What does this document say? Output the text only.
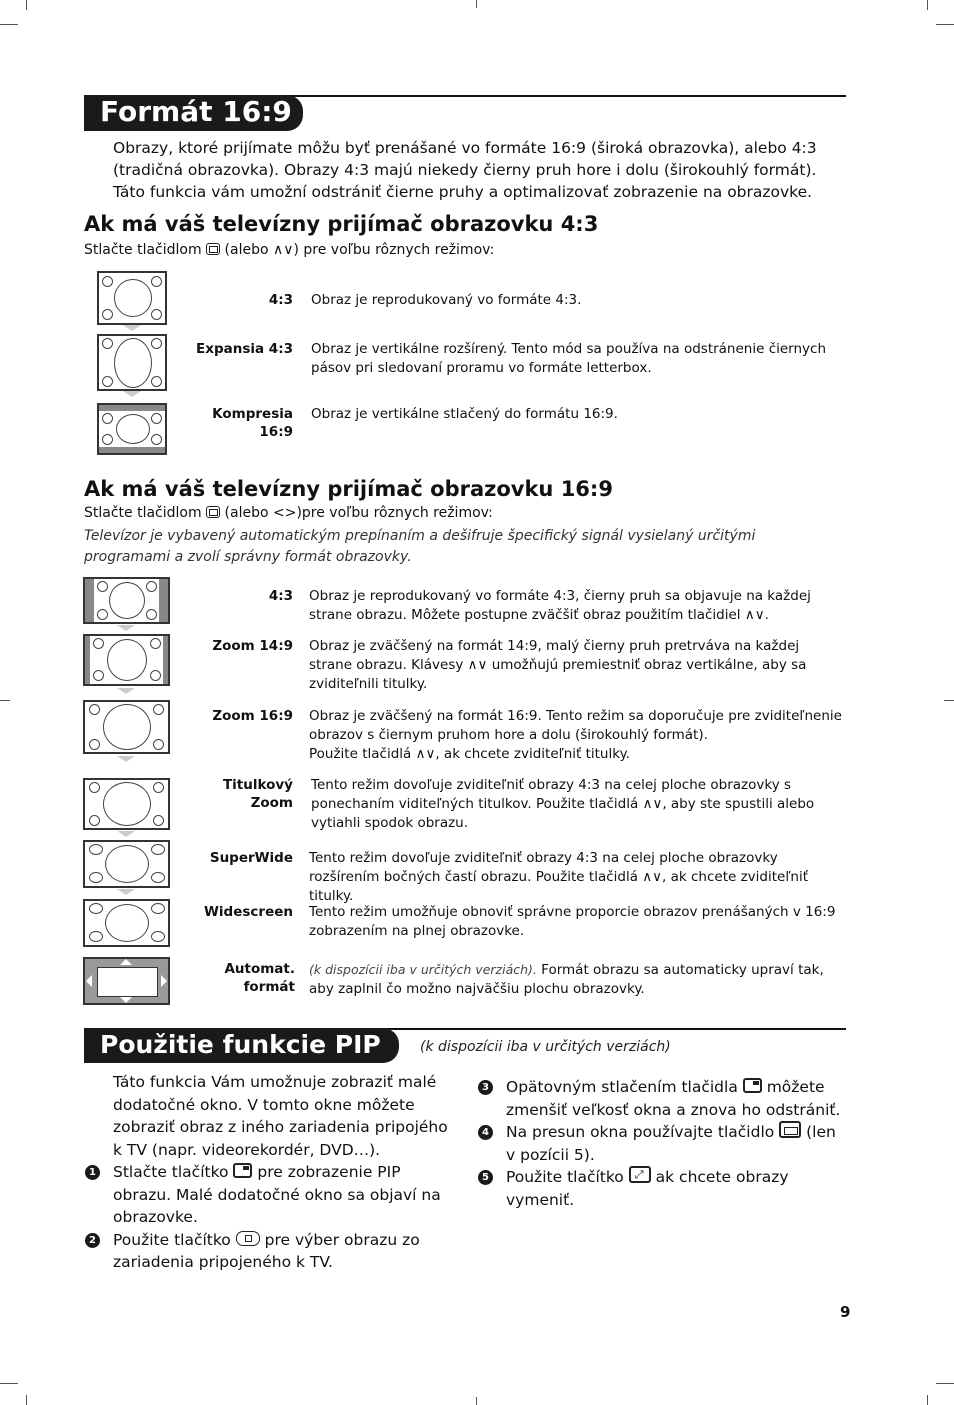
Formát 16:9
Obrazy, ktoré prijímate môžu byť prenášané vo formáte 16:9 (široká obrazovka), alebo 4:3 (tradičná obrazovka). Obrazy 4:3 majú niekedy čierny pruh hore i dolu (širokouhlý formát). Táto funkcia vám umožní odstrániť čierne pruhy a optimalizovať zobrazenie na obrazovke.
Ak má váš televízny prijímač obrazovku 4:3
Stlačte tlačidlom (alebo ∧∨) pre voľbu rôznych režimov:
4:3 Obraz je reprodukovaný vo formáte 4:3.
Expansia 4:3 Obraz je vertikálne rozšírený. Tento mód sa používa na odstránenie čiernych pásov pri sledovaní proramu vo formáte letterbox.
Kompresia 16:9
Obraz je vertikálne stlačený do formátu 16:9.
Ak má váš televízny prijímač obrazovku 16:9
Stlačte tlačidlom (alebo <>)pre voľbu rôznych režimov:
Televízor je vybavený automatickým prepínaním a dešifruje špecifický signál vysielaný určitými programami a zvolí správny formát obrazovky.
4:3 Obraz je reprodukovaný vo formáte 4:3, čierny pruh sa objavuje na každej strane obrazu. Môžete postupne zväčšiť obraz použitím tlačidiel ∧∨.
Zoom 14:9 Obraz je zväčšený na formát 14:9, malý čierny pruh pretrváva na každej strane obrazu. Klávesy ∧∨ umožňujú premiestniť obraz vertikálne, aby sa zviditeľnili titulky.
Zoom 16:9 Obraz je zväčšený na formát 16:9. Tento režim sa doporučuje pre zviditeľnenie obrazov s čiernym pruhom hore a dolu (širokouhlý formát).
Použite tlačidlá ∧∨, ak chcete zviditeľniť titulky.
Titulkový Zoom
Tento režim dovoľuje zviditeľniť obrazy 4:3 na celej ploche obrazovky s ponechaním viditeľných titulkov. Použite tlačidlá ∧∨, aby ste spustili alebo vytiahli spodok obrazu.
SuperWide Tento režim dovoľuje zviditeľniť obrazy 4:3 na celej ploche obrazovky rozšírením bočných častí obrazu. Použite tlačidlá ∧∨, ak chcete zviditeľniť titulky.
Widescreen Tento režim umožňuje obnoviť správne proporcie obrazov prenášaných v 16:9 zobrazením na plnej obrazovke.
Automat. formát
(k dispozícii iba v určitých verziách). Formát obrazu sa automaticky upraví tak, aby zaplnil čo možno najväčšiu plochu obrazovky.
Použitie funkcie PIP	(k dispozícii iba v určitých verziách)
Táto funkcia Vám umožnuje zobraziť malé dodatočné okno. V tomto okne môžete zobraziť obraz z iného zariadenia pripojého k TV (napr. videorekordér, DVD…).
1 Stlačte tlačítko pre zobrazenie PIP obrazu. Malé dodatočné okno sa objaví na obrazovke.
2 Použite tlačítko pre výber obrazu zo zariadenia pripojeného k TV.
3 Opätovným stlačením tlačidla môžete zmenšiť veľkosť okna a znova ho odstrániť.
4 Na presun okna používajte tlačidlo (len v pozícii 5).
5 Použite tlačítko ⤢ ak chcete obrazy vymeniť.
9
